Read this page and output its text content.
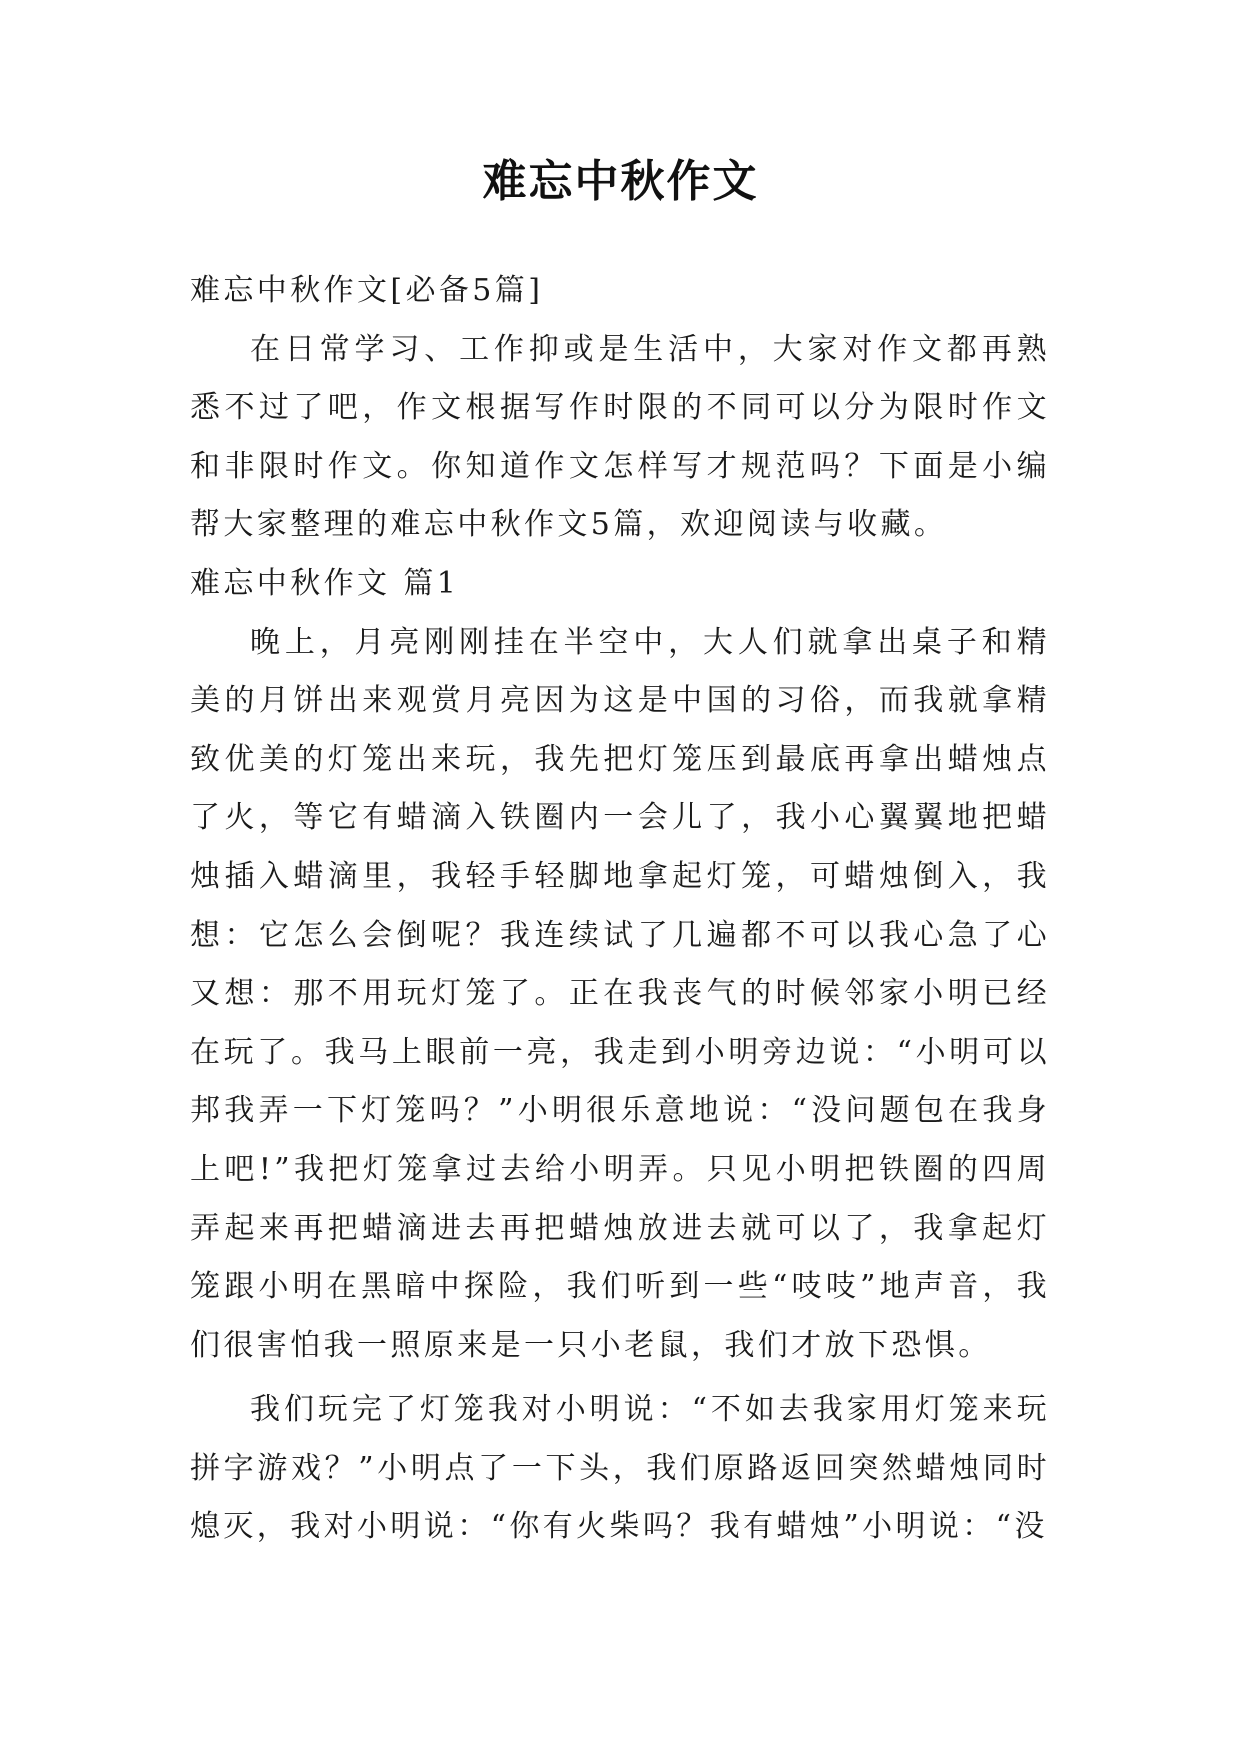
难忘中秋作文

难忘中秋作文[必备5篇]

在日常学习、工作抑或是生活中，大家对作文都再熟悉不过了吧，作文根据写作时限的不同可以分为限时作文和非限时作文。你知道作文怎样写才规范吗？下面是小编帮大家整理的难忘中秋作文5篇，欢迎阅读与收藏。

难忘中秋作文 篇1

晚上，月亮刚刚挂在半空中，大人们就拿出桌子和精美的月饼出来观赏月亮因为这是中国的习俗，而我就拿精致优美的灯笼出来玩，我先把灯笼压到最底再拿出蜡烛点了火，等它有蜡滴入铁圈内一会儿了，我小心翼翼地把蜡烛插入蜡滴里，我轻手轻脚地拿起灯笼，可蜡烛倒入，我想：它怎么会倒呢？我连续试了几遍都不可以我心急了心又想：那不用玩灯笼了。正在我丧气的时候邻家小明已经在玩了。我马上眼前一亮，我走到小明旁边说：“小明可以邦我弄一下灯笼吗？”小明很乐意地说：“没问题包在我身上吧!”我把灯笼拿过去给小明弄。只见小明把铁圈的四周弄起来再把蜡滴进去再把蜡烛放进去就可以了，我拿起灯笼跟小明在黑暗中探险，我们听到一些“吱吱”地声音，我们很害怕我一照原来是一只小老鼠，我们才放下恐惧。

我们玩完了灯笼我对小明说：“不如去我家用灯笼来玩拼字游戏？”小明点了一下头，我们原路返回突然蜡烛同时熄灭，我对小明说：“你有火柴吗？我有蜡烛”小明说：“没
